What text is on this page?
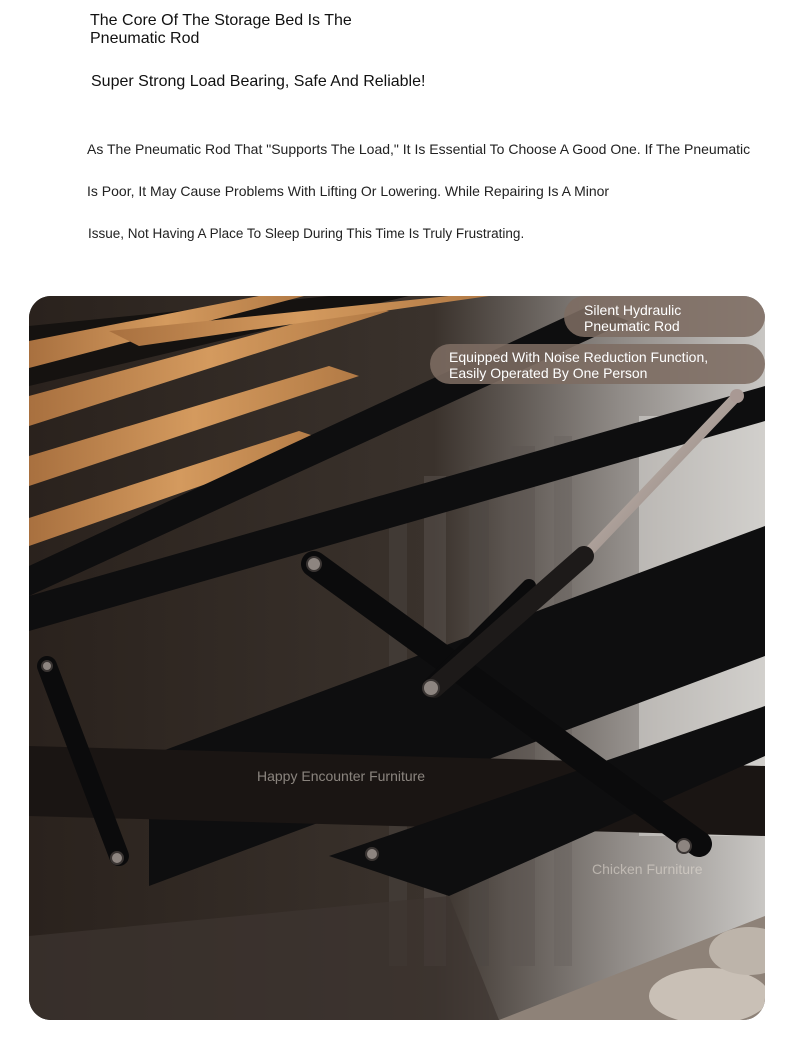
The Core Of The Storage Bed Is The Pneumatic Rod
Super Strong Load Bearing, Safe And Reliable!
As The Pneumatic Rod That "Supports The Load," It Is Essential To Choose A Good One. If The Pneumatic
Is Poor, It May Cause Problems With Lifting Or Lowering. While Repairing Is A Minor
Issue, Not Having A Place To Sleep During This Time Is Truly Frustrating.
Silent Hydraulic Pneumatic Rod
Equipped With Noise Reduction Function, Easily Operated By One Person
Happy Encounter Furniture
Chicken Furniture
